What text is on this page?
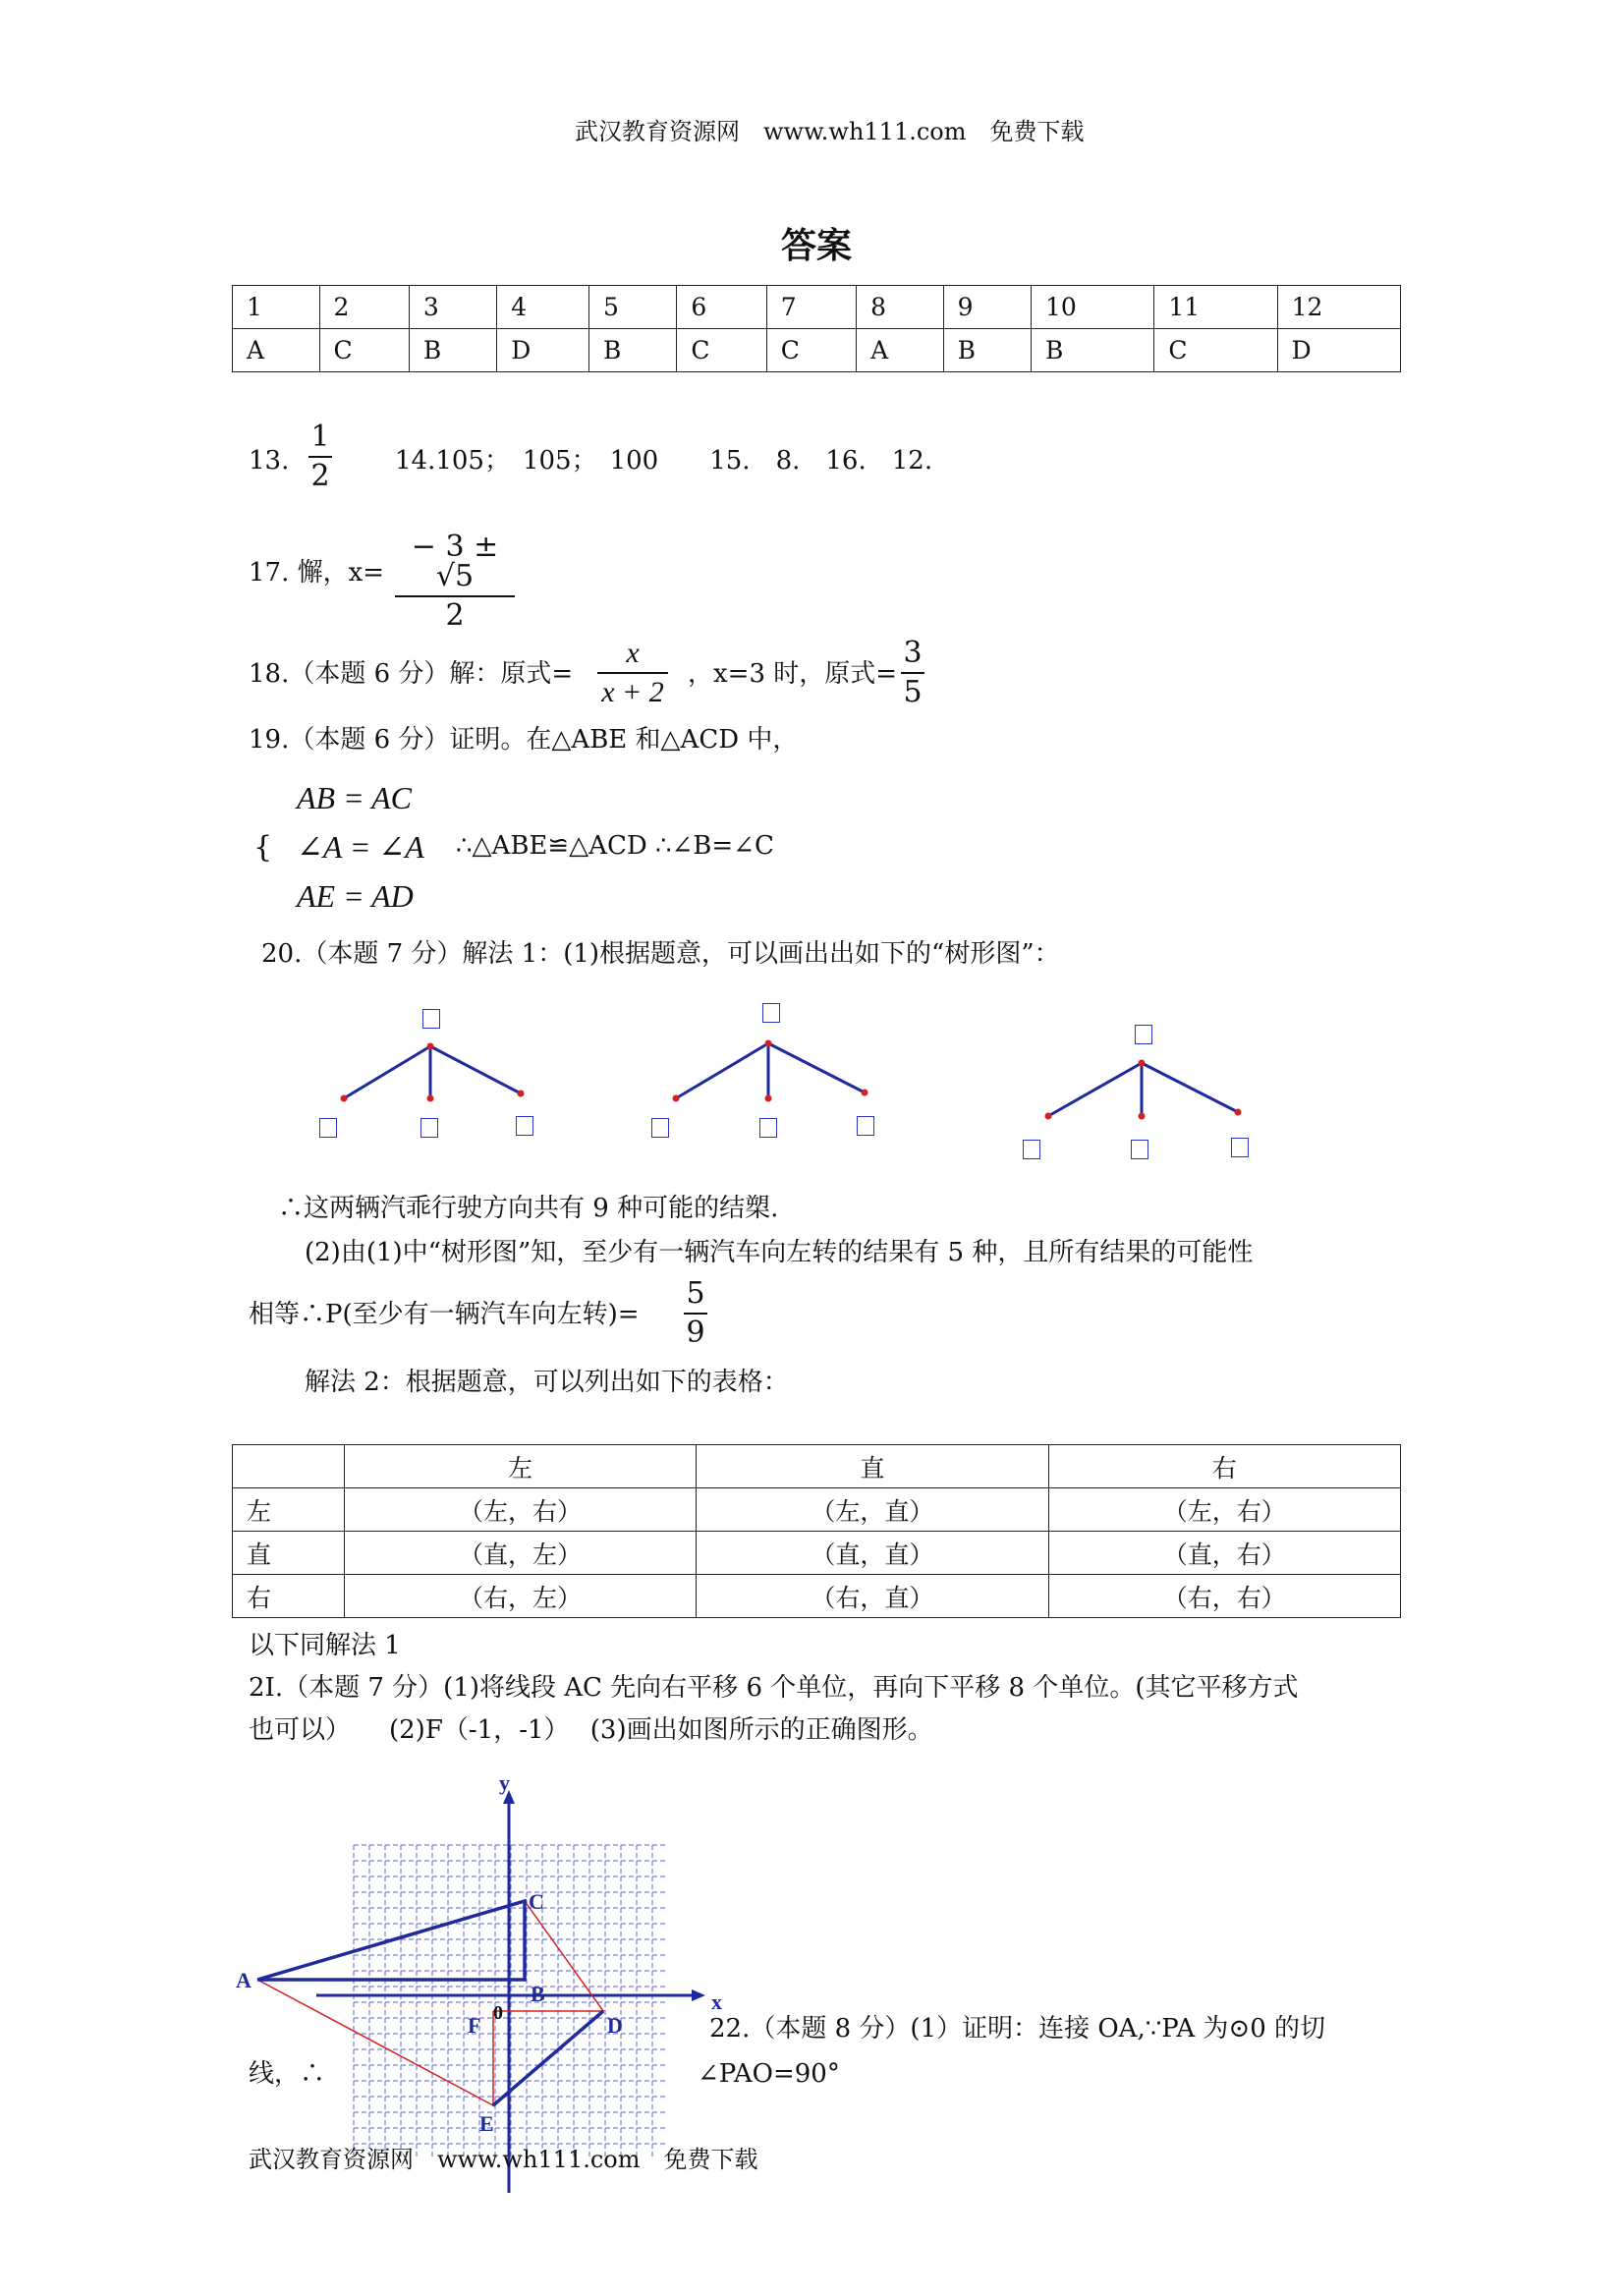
武汉教育资源网　www.wh111.com　免费下载
答案
1	2	3	4	5	6	7	8	9	10	11	12
A	C	B	D	B	C	C	A	B	B	C	D
13.
1
2	14.105；　105；　100　　15.　8.　16.　12.
17. 懈，x=
− 3 ± √5
2
18.（本题 6 分）解：原式=
x
x + 2
，x=3 时，原式=
3
5
19.（本题 6 分）证明。在△ABE 和△ACD 中，
AB = AC
{ ∠A = ∠A ∴△ABE≌△ACD ∴∠B=∠C
AE = AD
20.（本题 7 分）解法 1：(1)根据题意，可以画出出如下的“树形图”：
∴这两辆汽乖行驶方向共有 9 种可能的结槊.
(2)由(1)中“树形图”知，至少有一辆汽车向左转的结果有 5 种，且所有结果的可能性
相等∴P(至少有一辆汽车向左转)=
5
9
解法 2：根据题意，可以列出如下的表格：
	左	直	右
左	（左，右）	（左，直）	（左，右）
直	（直，左）	（直，直）	（直，右）
右	（右，左）	（右，直）	（右，右）
以下同解法 1
2I.（本题 7 分）(1)将线段 AC 先向右平移 6 个单位，再向下平移 8 个单位。(其它平移方式
也可以）　　(2)F（-1，-1）　 (3)画出如图所示的正确图形。
A
B
C
D
E
F
x
y
0
22.（本题 8 分）(1）证明：连接 OA,∵PA 为⊙0 的切
线，∴	∠PAO=90°
武汉教育资源网　www.wh111.com　免费下载
